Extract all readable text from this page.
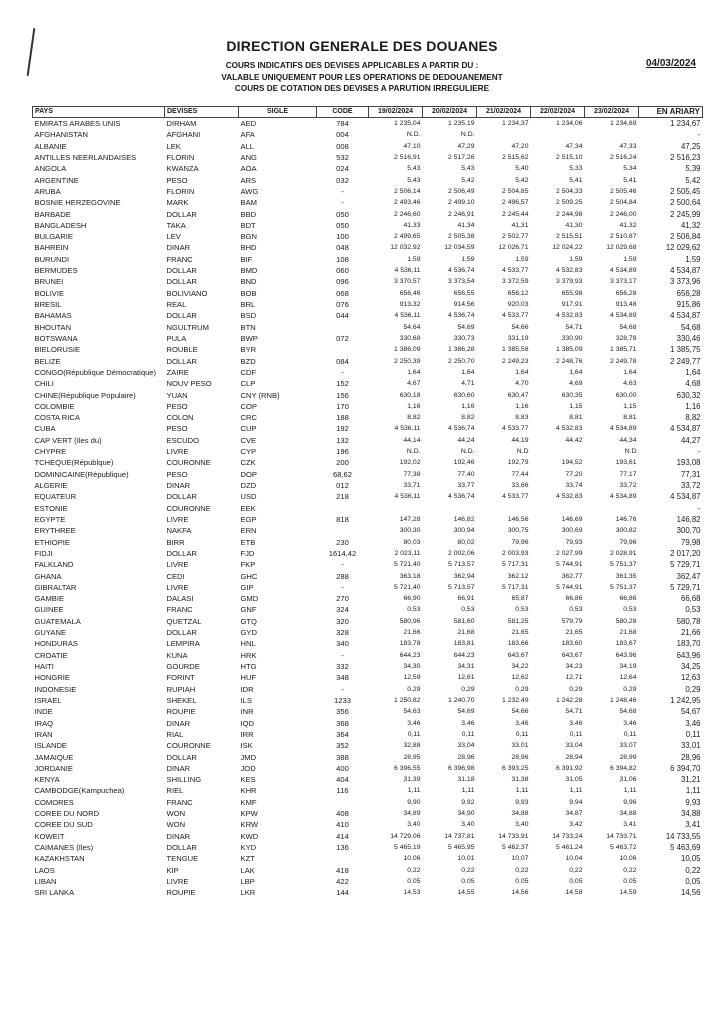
DIRECTION GENERALE DES DOUANES
04/03/2024
COURS INDICATIFS DES DEVISES APPLICABLES A PARTIR DU :
VALABLE UNIQUEMENT POUR LES OPERATIONS DE DEDOUANEMENT
COURS DE COTATION DES DEVISES A PARUTION IRREGULIERE
PAYS	DEVISES	SIGLE	CODE	19/02/2024	20/02/2024	21/02/2024	22/02/2024	23/02/2024	EN ARIARY
EMIRATS ARABES UNIS	DIRHAM	AED	784	1 235,04	1 235,19	1 234,37	1 234,06	1 234,69	1 234,67
AFGHANISTAN	AFGHANI	AFA	004	N.D.	N.D.				-
ALBANIE	LEK	ALL	008	47,10	47,29	47,20	47,34	47,33	47,25
ANTILLES NEERLANDAISES	FLORIN	ANG	532	2 516,91	2 517,26	2 515,62	2 515,10	2 516,24	2 516,23
ANGOLA	KWANZA	AOA	024	5,43	5,43	5,40	5,33	5,34	5,39
ARGENTINE	PESO	ARS	032	5,43	5,42	5,42	5,41	5,41	5,42
ARUBA	FLORIN	AWG	-	2 506,14	2 506,49	2 504,85	2 504,33	2 505,46	2 505,45
BOSNIE HERZEGOVINE	MARK	BAM	-	2 493,46	2 499,10	2 496,57	2 509,25	2 504,84	2 500,64
BARBADE	DOLLAR	BBD	050	2 246,60	2 246,91	2 245,44	2 244,98	2 246,00	2 245,99
BANGLADESH	TAKA	BDT	050	41,33	41,34	41,31	41,30	41,32	41,32
BULGARIE	LEV	BGN	100	2 499,65	2 505,38	2 502,77	2 515,51	2 510,87	2 506,84
BAHREIN	DINAR	BHD	048	12 032,92	12 034,59	12 026,71	12 024,22	12 029,68	12 029,62
BURUNDI	FRANC	BIF	108	1,59	1,59	1,59	1,59	1,59	1,59
BERMUDES	DOLLAR	BMD	060	4 536,11	4 536,74	4 533,77	4 532,83	4 534,89	4 534,87
BRUNEI	DOLLAR	BND	096	3 370,57	3 373,54	3 372,59	3 379,93	3 373,17	3 373,96
BOLIVIE	BOLIVIANO	BOB	068	656,46	656,55	656,12	655,98	656,28	656,28
BRESIL	REAL	BRL	076	913,32	914,56	920,03	917,91	913,48	915,86
BAHAMAS	DOLLAR	BSD	044	4 536,11	4 536,74	4 533,77	4 532,83	4 534,89	4 534,87
BHOUTAN	NGULTRUM	BTN		54,64	54,69	54,66	54,71	54,68	54,68
BOTSWANA	PULA	BWP	072	330,68	330,73	331,19	330,90	328,78	330,46
BIELORUSIE	ROUBLE	BYR		1 386,09	1 386,28	1 385,58	1 385,09	1 385,71	1 385,75
BELIZE	DOLLAR	BZD	084	2 250,39	2 250,70	2 249,23	2 248,76	2 249,78	2 249,77
CONGO(République Démocratique)	ZAIRE	CDF	-	1,64	1,64	1,64	1,64	1,64	1,64
CHILI	NOUV PESO	CLP	152	4,67	4,71	4,70	4,69	4,63	4,68
CHINE(République Populaire)	YUAN	CNY (RNB)	156	630,18	630,60	630,47	630,35	630,00	630,32
COLOMBIE	PESO	COP	170	1,16	1,16	1,16	1,15	1,15	1,16
COSTA RICA	COLON	CRC	188	8,82	8,82	8,83	8,81	8,81	8,82
CUBA	PESO	CUP	192	4 536,11	4 536,74	4 533,77	4 532,83	4 534,89	4 534,87
CAP VERT (Iles du)	ESCUDO	CVE	132	44,14	44,24	44,19	44,42	44,34	44,27
CHYPRE	LIVRE	CYP	196	N.D.	N.D.	N.D		N.D	-
TCHEQUE(Républque)	COURONNE	CZK	200	192,02	192,46	192,79	194,52	193,61	193,08
DOMINICAINE(République)	PESO	DOP	68,62	77,38	77,40	77,44	77,20	77,17	77,31
ALGERIE	DINAR	DZD	012	33,71	33,77	33,66	33,74	33,72	33,72
EQUATEUR	DOLLAR	USD	218	4 536,11	4 536,74	4 533,77	4 532,83	4 534,89	4 534,87
ESTONIE	COURONNE	EEK							-
EGYPTE	LIVRE	EGP	818	147,28	146,82	146,56	146,69	146,76	146,82
ERYTHREE	NAKFA	ERN		300,30	300,94	300,75	300,69	300,82	300,70
ETHIOPIE	BIRR	ETB	230	80,03	80,02	79,96	79,93	79,96	79,98
FIDJI	DOLLAR	FJD	1614,42	2 023,11	2 002,06	2 003,93	2 027,99	2 028,91	2 017,20
FALKLAND	LIVRE	FKP	-	5 721,40	5 713,57	5 717,31	5 744,91	5 751,37	5 729,71
GHANA	CEDI	GHC	288	363,18	362,94	362,12	362,77	361,35	362,47
GIBRALTAR	LIVRE	GIP	-	5 721,40	5 713,57	5 717,31	5 744,91	5 751,37	5 729,71
GAMBIE	DALASI	GMD	270	66,90	66,91	65,87	66,86	66,86	66,68
GUINEE	FRANC	GNF	324	0,53	0,53	0,53	0,53	0,53	0,53
GUATEMALA	QUETZAL	GTQ	320	580,96	581,60	581,25	579,79	580,28	580,78
GUYANE	DOLLAR	GYD	328	21,66	21,68	21,65	21,65	21,68	21,66
HONDURAS	LEMPIRA	HNL	340	183,78	183,81	183,66	183,60	183,67	183,70
CROATIE	KUNA	HRK	-	644,23	644,23	643,67	643,67	643,96	643,96
HAITI	GOURDE	HTG	332	34,30	34,31	34,22	34,23	34,19	34,25
HONGRIE	FORINT	HUF	348	12,59	12,61	12,62	12,71	12,64	12,63
INDONESIE	RUPIAH	IDR	-	0,29	0,29	0,29	0,29	0,29	0,29
ISRAEL	SHEKEL	ILS	1233	1 250,82	1 240,70	1 232,49	1 242,28	1 248,46	1 242,95
INDE	ROUPIE	INR	356	54,63	54,69	54,66	54,71	54,68	54,67
IRAQ	DINAR	IQD	368	3,46	3,46	3,46	3,46	3,46	3,46
IRAN	RIAL	IRR	364	0,11	0,11	0,11	0,11	0,11	0,11
ISLANDE	COURONNE	ISK	352	32,88	33,04	33,01	33,04	33,07	33,01
JAMAIQUE	DOLLAR	JMD	388	28,95	28,96	28,96	28,94	28,99	28,96
JORDANIE	DINAR	JOD	400	6 396,55	6 396,98	6 393,25	6 391,92	6 394,82	6 394,70
KENYA	SHILLING	KES	404	31,39	31,18	31,38	31,05	31,06	31,21
CAMBODGE(Kampuchea)	RIEL	KHR	116	1,11	1,11	1,11	1,11	1,11	1,11
COMORES	FRANC	KMF		9,90	9,92	9,93	9,94	9,96	9,93
COREE DU NORD	WON	KPW	408	34,89	34,90	34,88	34,87	34,88	34,88
COREE DU SUD	WON	KRW	410	3,40	3,40	3,40	3,42	3,41	3,41
KOWEIT	DINAR	KWD	414	14 729,06	14 737,81	14 733,91	14 733,24	14 733,71	14 733,55
CAIMANES (Iles)	DOLLAR	KYD	136	5 465,19	5 465,95	5 462,37	5 461,24	5 463,72	5 463,69
KAZAKHSTAN	TENGUE	KZT		10,06	10,01	10,07	10,04	10,06	10,05
LAOS	KIP	LAK	418	0,22	0,22	0,22	0,22	0,22	0,22
LIBAN	LIVRE	LBP	422	0,05	0,05	0,05	0,05	0,05	0,05
SRI LANKA	ROUPIE	LKR	144	14,53	14,55	14,56	14,58	14,59	14,56
